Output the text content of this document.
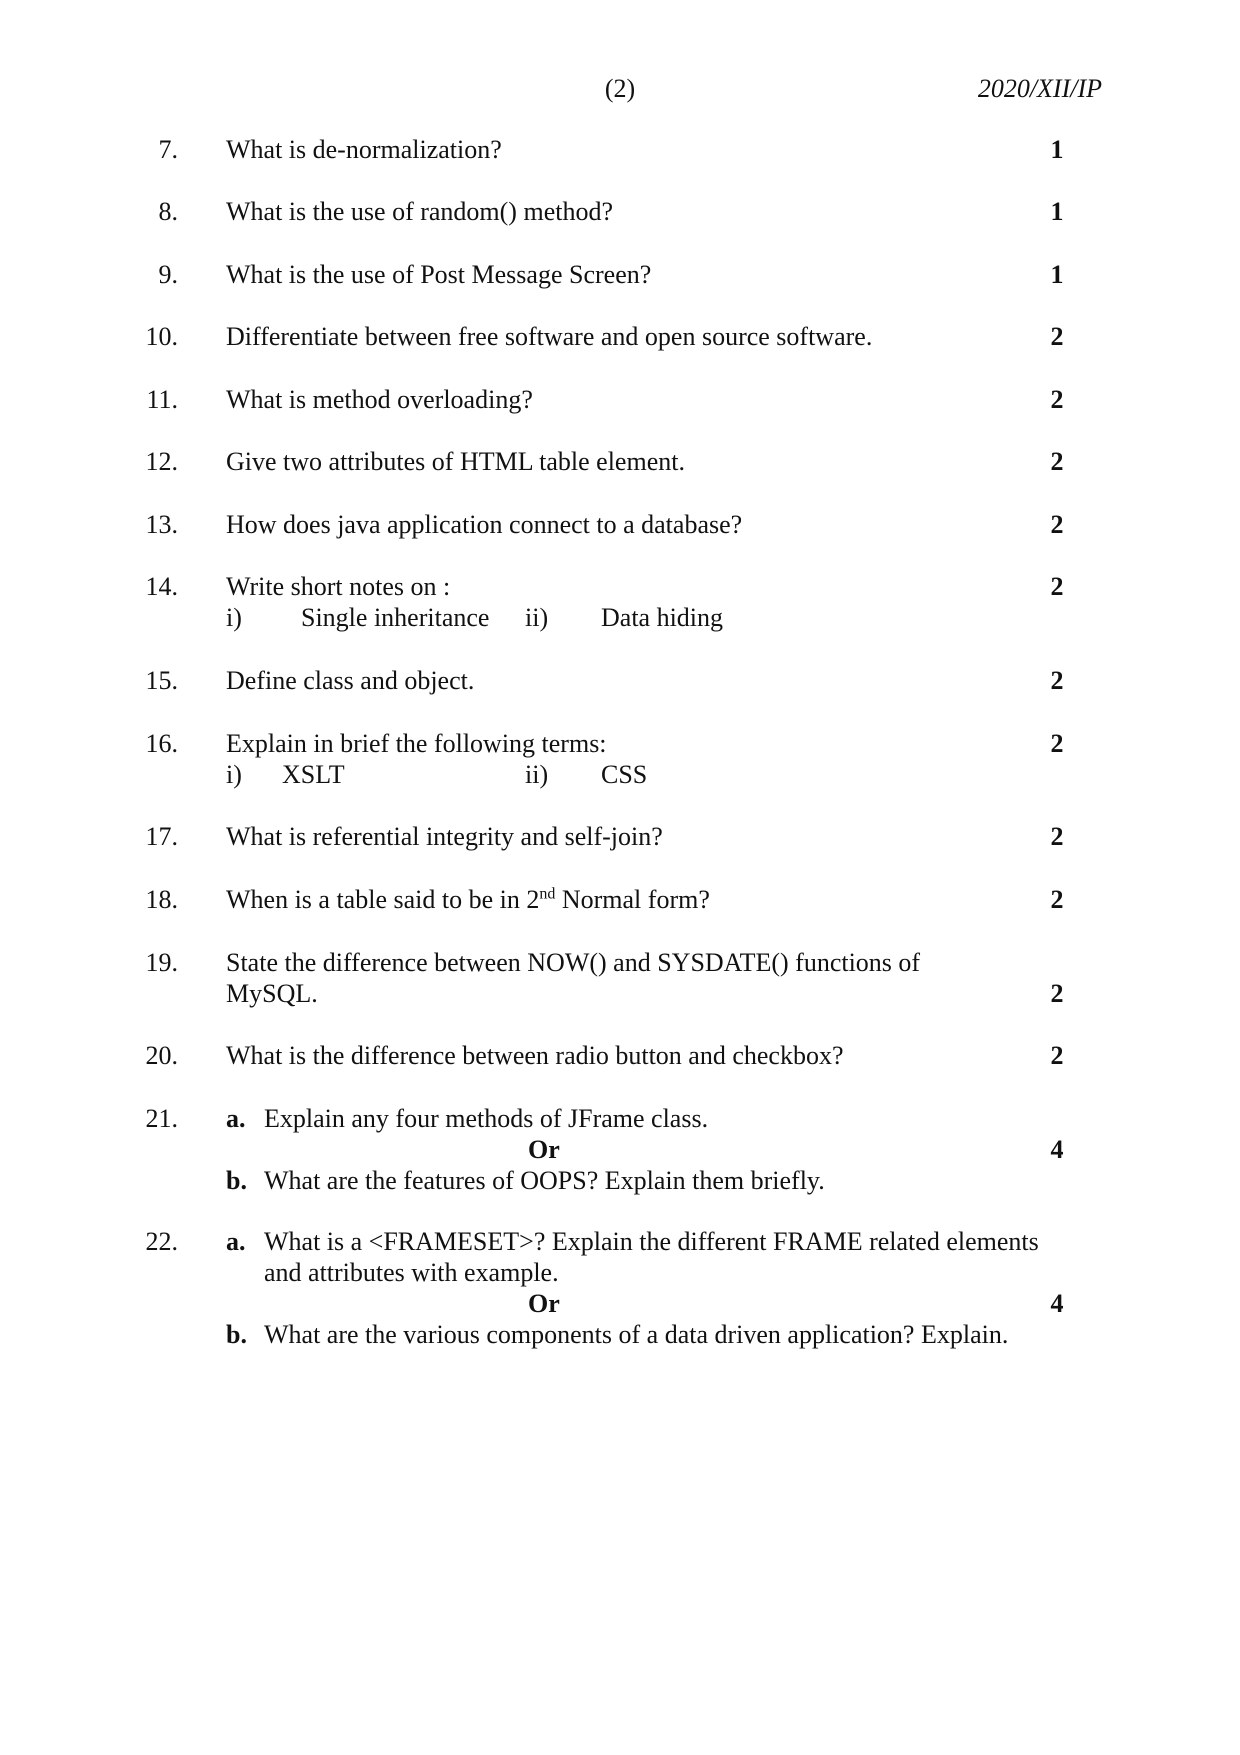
(2)	2020/XII/IP
7. What is de-normalization?	1
8. What is the use of random() method?	1
9. What is the use of Post Message Screen?	1
10. Differentiate between free software and open source software.	2
11. What is method overloading?	2
12. Give two attributes of HTML table element.	2
13. How does java application connect to a database?	2
14. Write short notes on :	2
i) Single inheritance ii) Data hiding
15. Define class and object.	2
16. Explain in brief the following terms:	2
i) XSLT	ii) CSS
17. What is referential integrity and self-join?	2
18. When is a table said to be in 2nd Normal form?	2
19. State the difference between NOW() and SYSDATE() functions of
MySQL.	2
20. What is the difference between radio button and checkbox?	2
21. a. Explain any four methods of JFrame class.
Or	4
b. What are the features of OOPS? Explain them briefly.
22. a. What is a <FRAMESET>? Explain the different FRAME related elements
and attributes with example.
Or	4
b. What are the various components of a data driven application? Explain.
